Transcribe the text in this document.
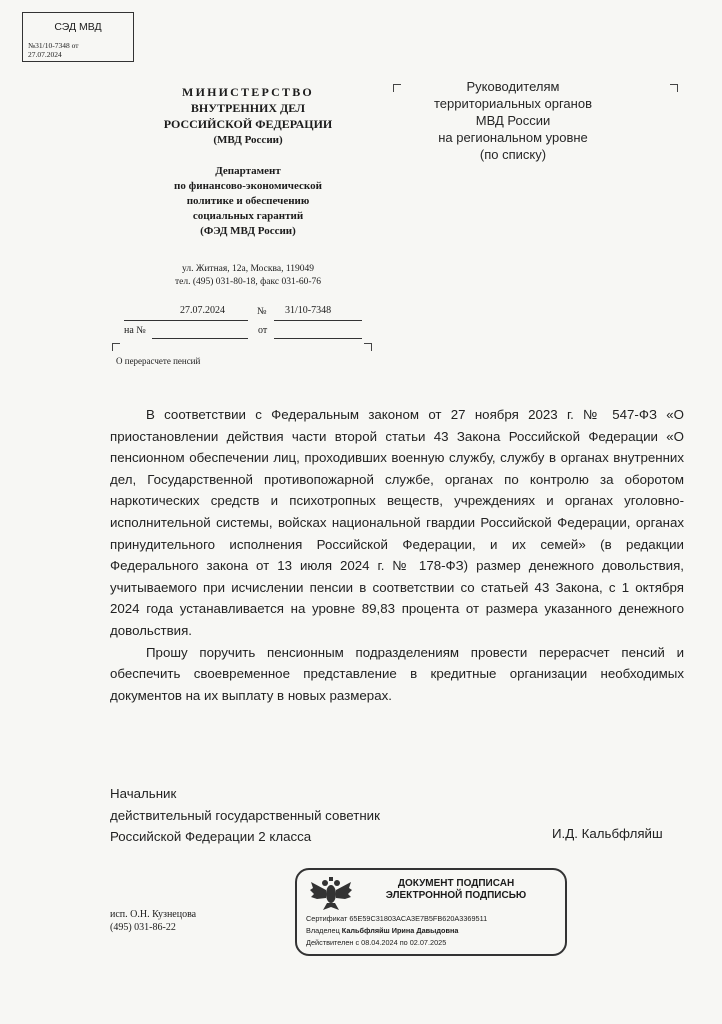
СЭД МВД
№31/10-7348 от
27.07.2024
МИНИСТЕРСТВО
ВНУТРЕННИХ ДЕЛ
РОССИЙСКОЙ ФЕДЕРАЦИИ
(МВД России)
Департамент
по финансово-экономической
политике и обеспечению
социальных гарантий
(ФЭД МВД России)
ул. Житная, 12а, Москва, 119049
тел. (495) 031-80-18, факс 031-60-76
27.07.2024	№ 31/10-7348
на №	от
О перерасчете пенсий
Руководителям
территориальных органов
МВД России
на региональном уровне
(по списку)

В соответствии с Федеральным законом от 27 ноября 2023 г. № 547-ФЗ «О приостановлении действия части второй статьи 43 Закона Российской Федерации «О пенсионном обеспечении лиц, проходивших военную службу, службу в органах внутренних дел, Государственной противопожарной службе, органах по контролю за оборотом наркотических средств и психотропных веществ, учреждениях и органах уголовно-исполнительной системы, войсках национальной гвардии Российской Федерации, органах принудительного исполнения Российской Федерации, и их семей» (в редакции Федерального закона от 13 июля 2024 г. № 178-ФЗ) размер денежного довольствия, учитываемого при исчислении пенсии в соответствии со статьей 43 Закона, с 1 октября 2024 года устанавливается на уровне 89,83 процента от размера указанного денежного довольствия.

Прошу поручить пенсионным подразделениям провести перерасчет пенсий и обеспечить своевременное представление в кредитные организации необходимых документов на их выплату в новых размерах.

Начальник
действительный государственный советник
Российской Федерации 2 класса	И.Д. Кальбфляйш
исп. О.Н. Кузнецова
(495) 031-86-22
ДОКУМЕНТ ПОДПИСАН
ЭЛЕКТРОННОЙ ПОДПИСЬЮ
Сертификат 65E59C31803ACA3E7B5FB620A3369511
Владелец Кальбфляйш Ирина Давыдовна
Действителен с 08.04.2024 по 02.07.2025
